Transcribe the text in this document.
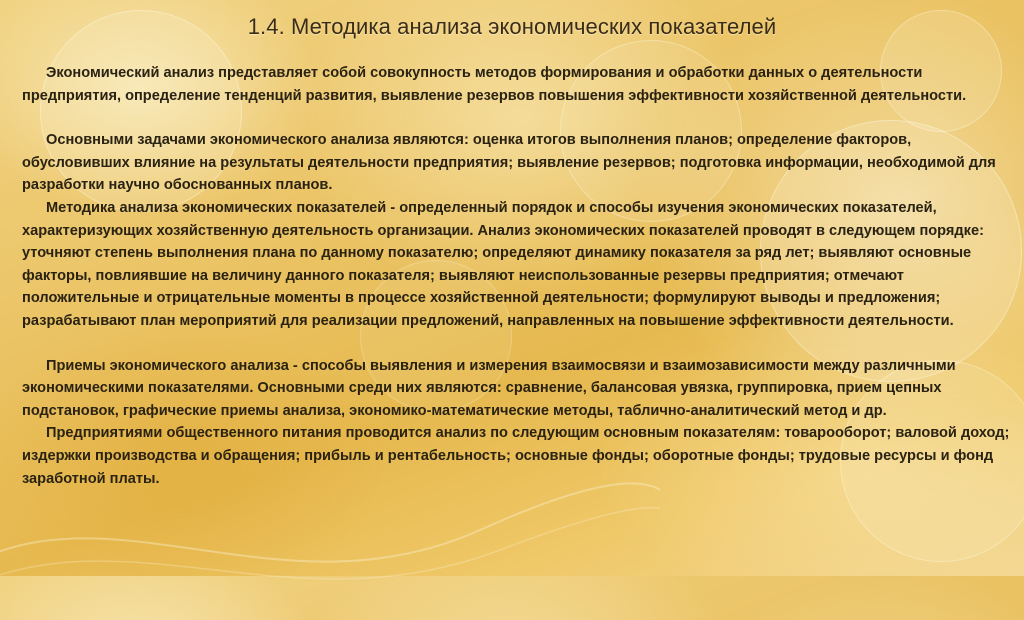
1.4. Методика анализа экономических показателей

Экономический анализ представляет собой совокупность методов формирования и обработки данных о деятельности предприятия, определение тенденций развития, выявление резервов повышения эффективности хозяйственной деятельности.

Основными задачами экономического анализа являются: оценка итогов выполнения планов; определение факторов, обусловивших влияние на результаты деятельности предприятия; выявление резервов; подготовка информации, необходимой для разработки научно обоснованных планов.

Методика анализа экономических показателей - определенный порядок и способы изучения экономических показателей, характеризующих хозяйственную деятельность организации. Анализ экономических показателей проводят в следующем порядке: уточняют степень выполнения плана по данному показателю; определяют динамику показателя за ряд лет; выявляют основные факторы, повлиявшие на величину данного показателя; выявляют неиспользованные резервы предприятия; отмечают положительные и отрицательные моменты в процессе хозяйственной деятельности; формулируют выводы и предложения; разрабатывают план мероприятий для реализации предложений, направленных на повышение эффективности деятельности.

Приемы экономического анализа - способы выявления и измерения взаимосвязи и взаимозависимости между различными экономическими показателями. Основными среди них являются: сравнение, балансовая увязка, группировка, прием цепных подстановок, графические приемы анализа, экономико-математические методы, таблично-аналитический метод и др.

Предприятиями общественного питания проводится анализ по следующим основным показателям: товарооборот; валовой доход; издержки производства и обращения; прибыль и рентабельность; основные фонды; оборотные фонды; трудовые ресурсы и фонд заработной платы.
